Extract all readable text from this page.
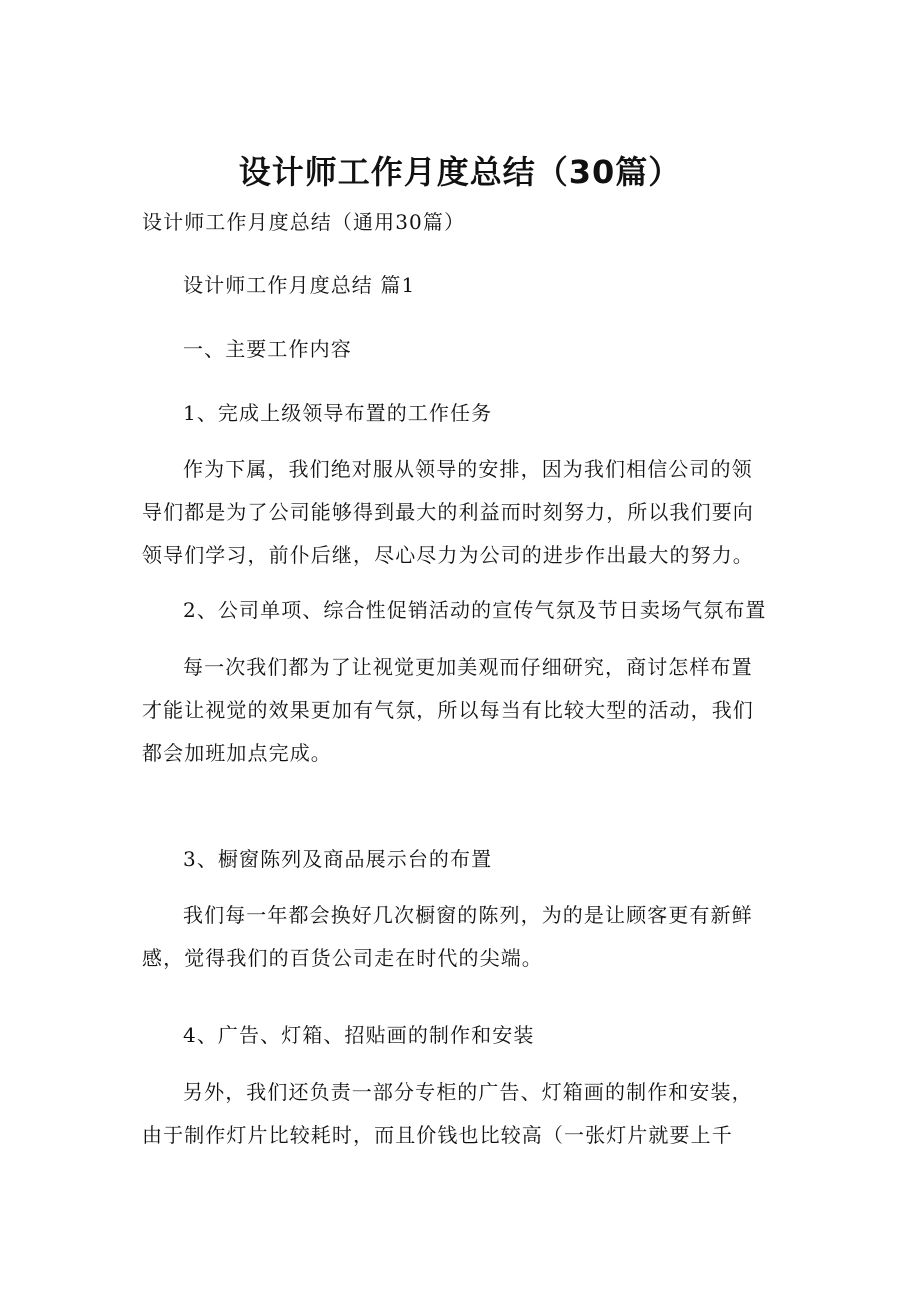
设计师工作月度总结（30篇）
设计师工作月度总结（通用30篇）
设计师工作月度总结 篇1
一、主要工作内容
1、完成上级领导布置的工作任务
作为下属，我们绝对服从领导的安排，因为我们相信公司的领
导们都是为了公司能够得到最大的利益而时刻努力，所以我们要向
领导们学习，前仆后继，尽心尽力为公司的进步作出最大的努力。
2、公司单项、综合性促销活动的宣传气氛及节日卖场气氛布置
每一次我们都为了让视觉更加美观而仔细研究，商讨怎样布置
才能让视觉的效果更加有气氛，所以每当有比较大型的活动，我们
都会加班加点完成。
3、橱窗陈列及商品展示台的布置
我们每一年都会换好几次橱窗的陈列，为的是让顾客更有新鲜
感，觉得我们的百货公司走在时代的尖端。
4、广告、灯箱、招贴画的制作和安装
另外，我们还负责一部分专柜的广告、灯箱画的制作和安装，
由于制作灯片比较耗时，而且价钱也比较高（一张灯片就要上千
